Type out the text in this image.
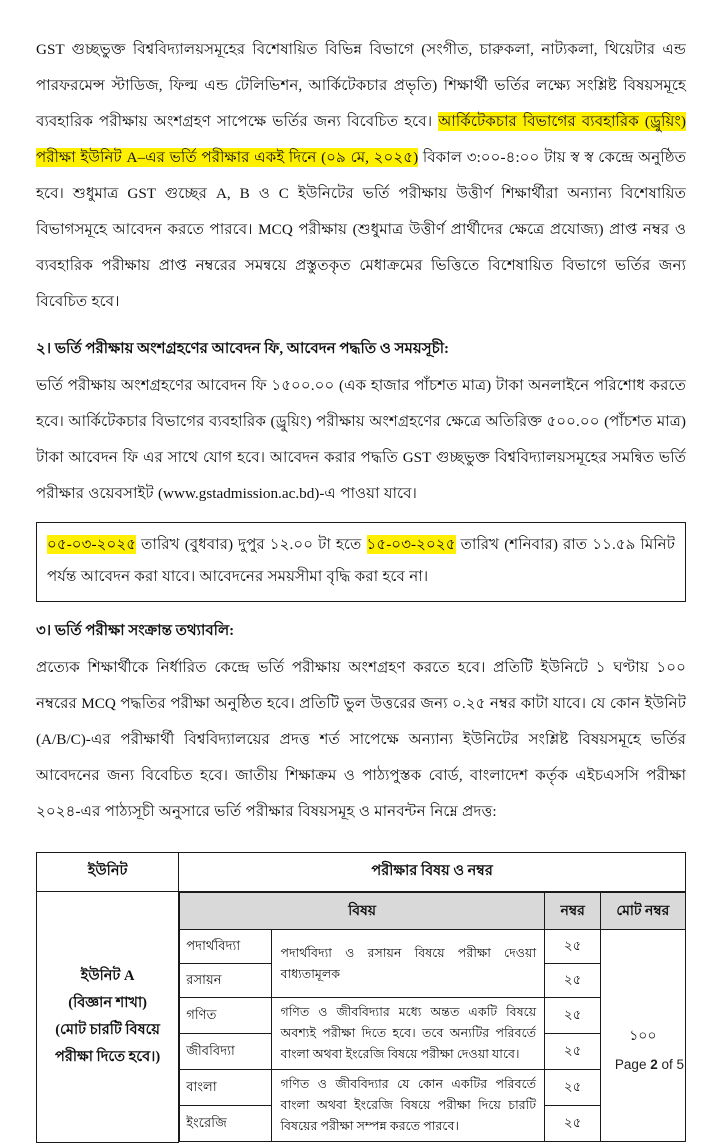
GST গুচ্ছভুক্ত বিশ্ববিদ্যালয়সমূহের বিশেষায়িত বিভিন্ন বিভাগে (সংগীত, চারুকলা, নাট্যকলা, থিয়েটার এন্ড পারফরমেন্স স্টাডিজ, ফিল্ম এন্ড টেলিভিশন, আর্কিটেকচার প্রভৃতি) শিক্ষার্থী ভর্তির লক্ষ্যে সংশ্লিষ্ট বিষয়সমূহে ব্যবহারিক পরীক্ষায় অংশগ্রহণ সাপেক্ষে ভর্তির জন্য বিবেচিত হবে। আর্কিটেকচার বিভাগের ব্যবহারিক (ড্রুয়িং) পরীক্ষা ইউনিট A–এর ভর্তি পরীক্ষার একই দিনে (০৯ মে, ২০২৫) বিকাল ৩:০০-৪:০০ টায় স্ব স্ব কেন্দ্রে অনুষ্ঠিত হবে। শুধুমাত্র GST গুচ্ছের A, B ও C ইউনিটের ভর্তি পরীক্ষায় উত্তীর্ণ শিক্ষার্থীরা অন্যান্য বিশেষায়িত বিভাগসমূহে আবেদন করতে পারবে। MCQ পরীক্ষায় (শুধুমাত্র উত্তীর্ণ প্রার্থীদের ক্ষেত্রে প্রযোজ্য) প্রাপ্ত নম্বর ও ব্যবহারিক পরীক্ষায় প্রাপ্ত নম্বরের সমন্বয়ে প্রস্তুতকৃত মেধাক্রমের ভিত্তিতে বিশেষায়িত বিভাগে ভর্তির জন্য বিবেচিত হবে।

২। ভর্তি পরীক্ষায় অংশগ্রহণের আবেদন ফি, আবেদন পদ্ধতি ও সময়সূচী:

ভর্তি পরীক্ষায় অংশগ্রহণের আবেদন ফি ১৫০০.০০ (এক হাজার পাঁচশত মাত্র) টাকা অনলাইনে পরিশোধ করতে হবে। আর্কিটেকচার বিভাগের ব্যবহারিক (ড্রুয়িং) পরীক্ষায় অংশগ্রহণের ক্ষেত্রে অতিরিক্ত ৫০০.০০ (পাঁচশত মাত্র) টাকা আবেদন ফি এর সাথে যোগ হবে। আবেদন করার পদ্ধতি GST গুচ্ছভুক্ত বিশ্ববিদ্যালয়সমূহের সমন্বিত ভর্তি পরীক্ষার ওয়েবসাইট (www.gstadmission.ac.bd)-এ পাওয়া যাবে।

০৫-০৩-২০২৫ তারিখ (বুধবার) দুপুর ১২.০০ টা হতে ১৫-০৩-২০২৫ তারিখ (শনিবার) রাত ১১.৫৯ মিনিট পর্যন্ত আবেদন করা যাবে। আবেদনের সময়সীমা বৃদ্ধি করা হবে না।

৩। ভর্তি পরীক্ষা সংক্রান্ত তথ্যাবলি:

প্রত্যেক শিক্ষার্থীকে নির্ধারিত কেন্দ্রে ভর্তি পরীক্ষায় অংশগ্রহণ করতে হবে। প্রতিটি ইউনিটে ১ ঘণ্টায় ১০০ নম্বরের MCQ পদ্ধতির পরীক্ষা অনুষ্ঠিত হবে। প্রতিটি ভুল উত্তরের জন্য ০.২৫ নম্বর কাটা যাবে। যে কোন ইউনিট (A/B/C)-এর পরীক্ষার্থী বিশ্ববিদ্যালয়ের প্রদত্ত শর্ত সাপেক্ষে অন্যান্য ইউনিটের সংশ্লিষ্ট বিষয়সমূহে ভর্তির আবেদনের জন্য বিবেচিত হবে। জাতীয় শিক্ষাক্রম ও পাঠ্যপুস্তক বোর্ড, বাংলাদেশ কর্তৃক এইচএসসি পরীক্ষা ২০২৪-এর পাঠ্যসূচী অনুসারে ভর্তি পরীক্ষার বিষয়সমূহ ও মানবন্টন নিম্নে প্রদত্ত:

ইউনিট	পরীক্ষার বিষয় ও নম্বর

ইউনিট A
(বিজ্ঞান শাখা)
(মোট চারটি বিষয়ে
পরীক্ষা দিতে হবে।)

বিষয়	নম্বর	মোট নম্বর
পদার্থবিদ্যা	পদার্থবিদ্যা ও রসায়ন বিষয়ে পরীক্ষা দেওয়া বাধ্যতামূলক	২৫	১০০
রসায়ন	২৫
গণিত	গণিত ও জীববিদ্যার মধ্যে অন্তত একটি বিষয়ে অবশ্যই পরীক্ষা দিতে হবে। তবে অন্যটির পরিবর্তে বাংলা অথবা ইংরেজি বিষয়ে পরীক্ষা দেওয়া যাবে।	২৫
জীববিদ্যা	২৫
বাংলা	গণিত ও জীববিদ্যার যে কোন একটির পরিবর্তে বাংলা অথবা ইংরেজি বিষয়ে পরীক্ষা দিয়ে চারটি বিষয়ের পরীক্ষা সম্পন্ন করতে পারবে।	২৫
ইংরেজি	২৫
Page 2 of 5
